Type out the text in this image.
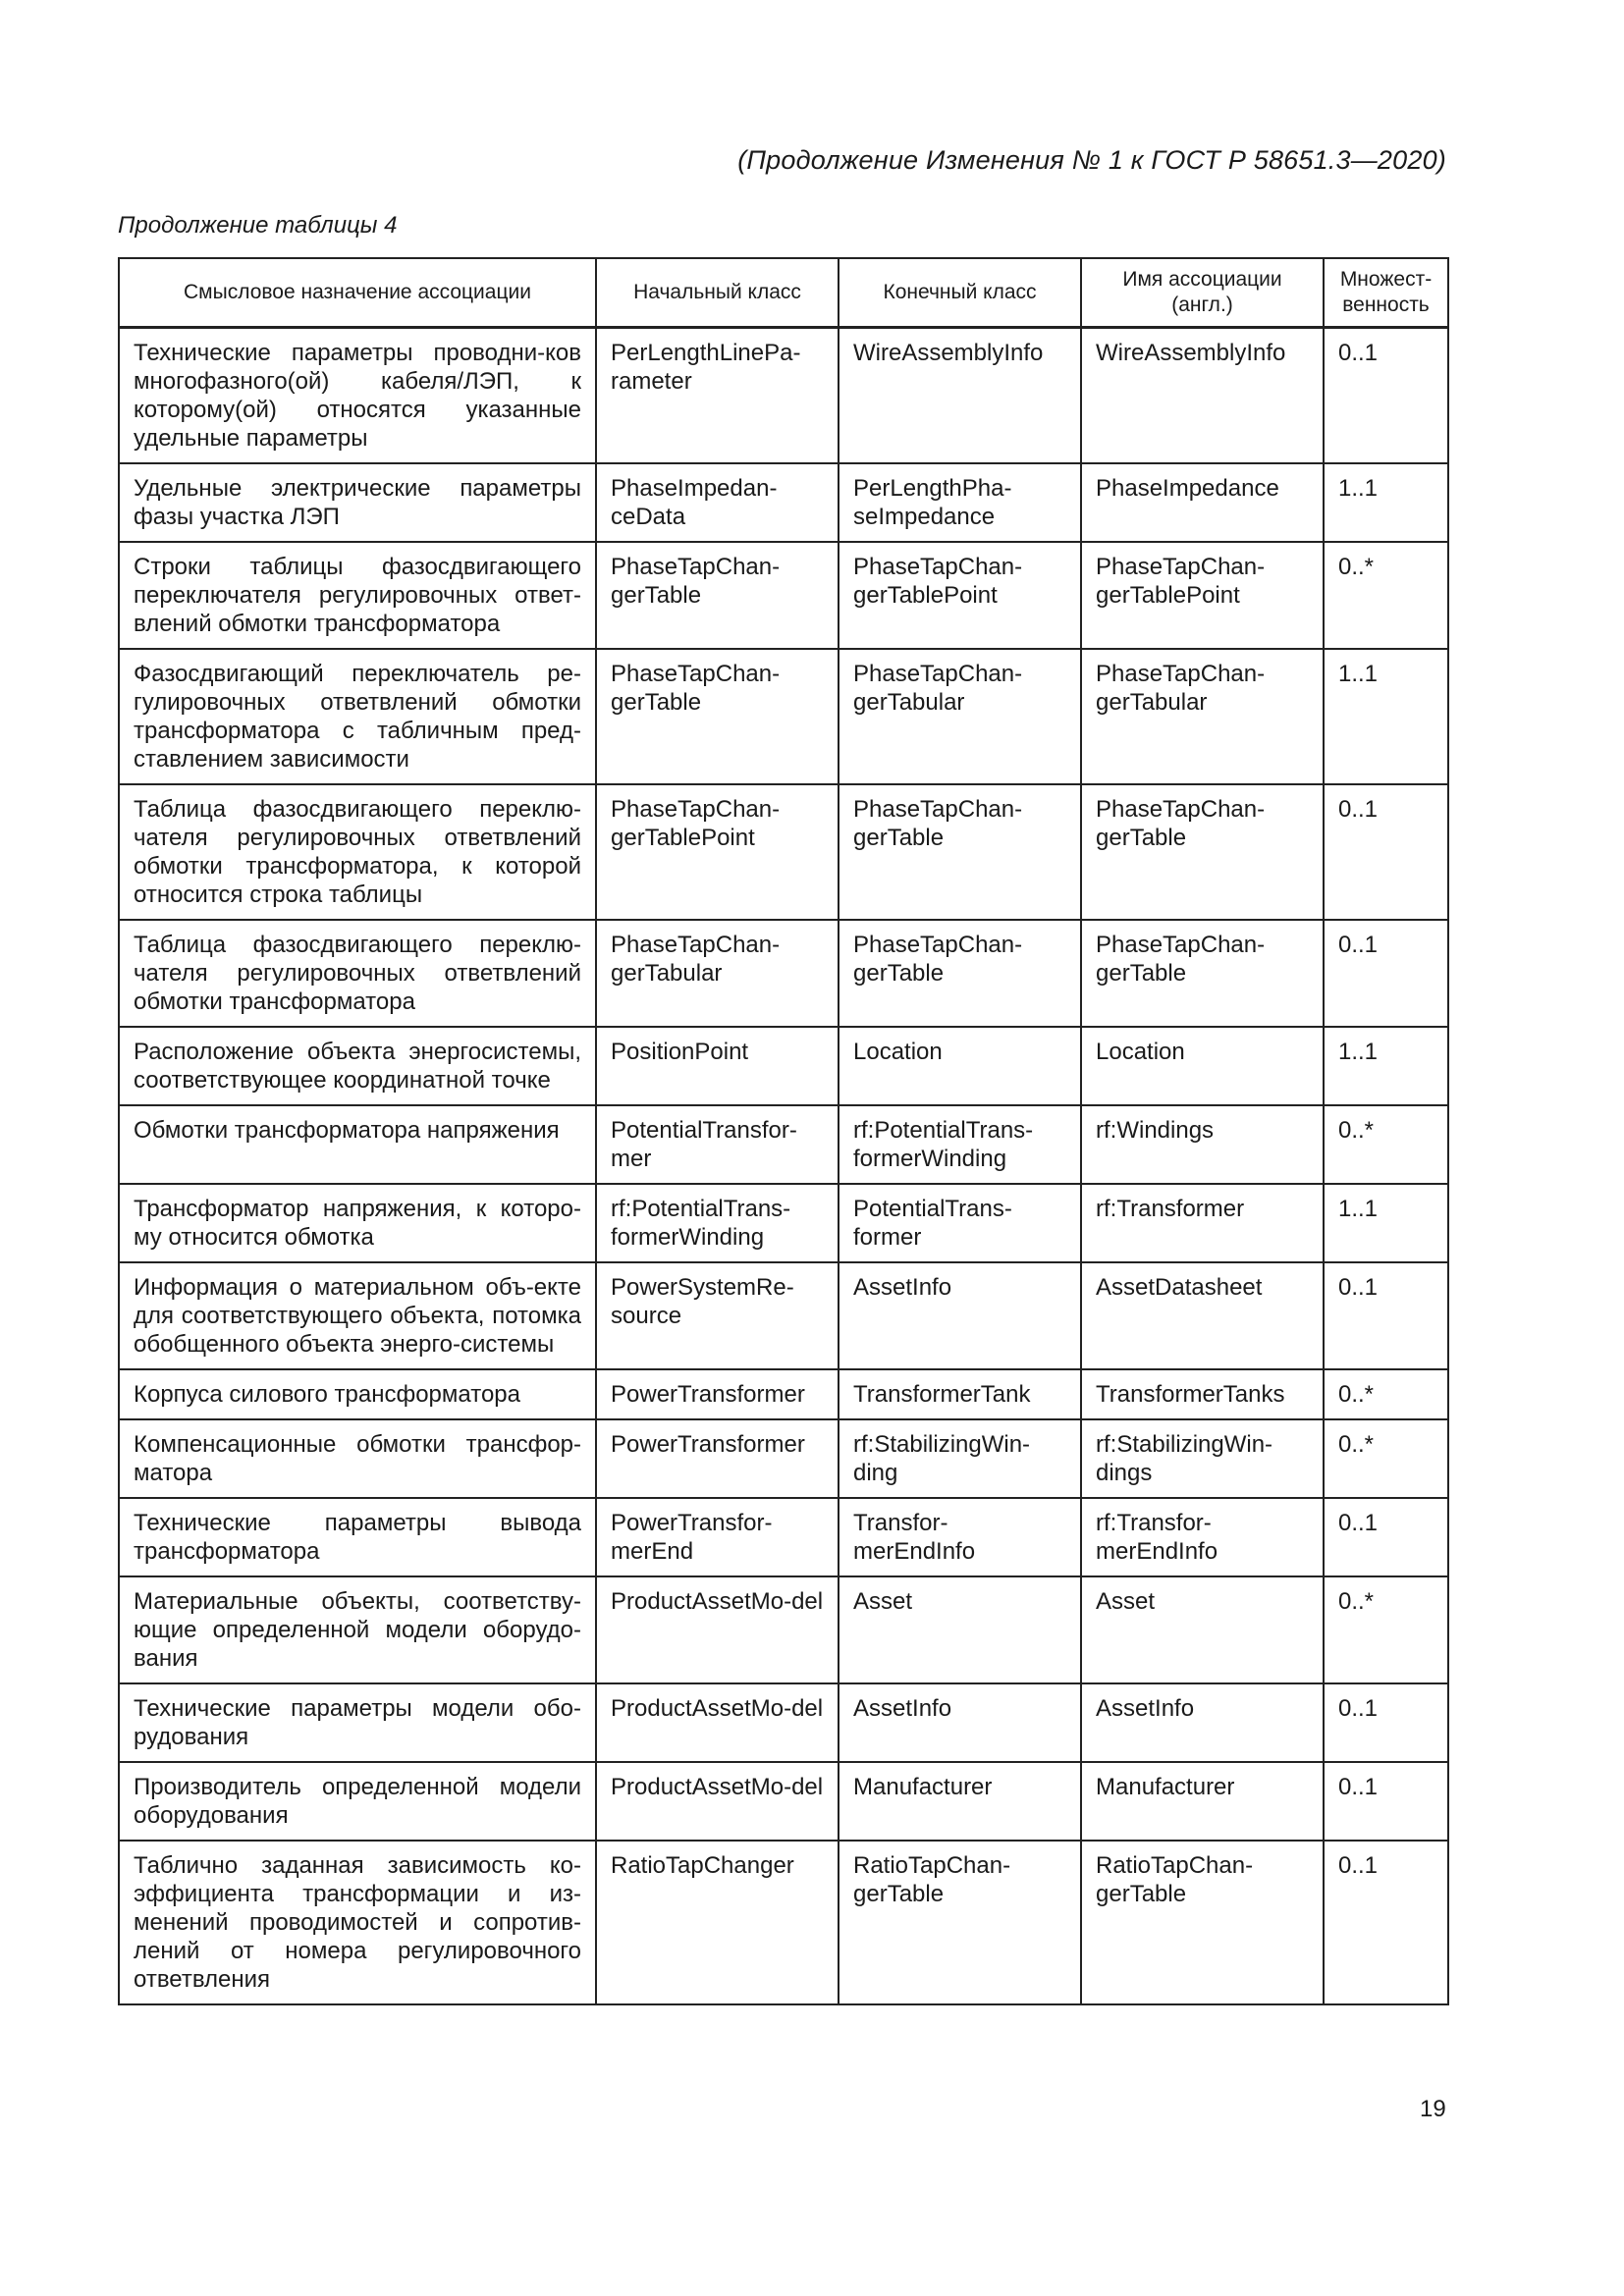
(Продолжение Изменения № 1 к ГОСТ Р 58651.3—2020)
Продолжение таблицы 4
Смысловое назначение ассоциации	Начальный класс	Конечный класс	Имя ассоциации (англ.)	Множест-венность
Технические параметры проводни-ков многофазного(ой) кабеля/ЛЭП, к которому(ой) относятся указанные удельные параметры	PerLengthLinePa-rameter	WireAssemblyInfo	WireAssemblyInfo	0..1
Удельные электрические параметры фазы участка ЛЭП	PhaseImpedan-ceData	PerLengthPha-seImpedance	PhaseImpedance	1..1
Строки таблицы фазосдвигающего переключателя регулировочных ответ-влений обмотки трансформатора	PhaseTapChan-gerTable	PhaseTapChan-gerTablePoint	PhaseTapChan-gerTablePoint	0..*
Фазосдвигающий переключатель ре-гулировочных ответвлений обмотки трансформатора с табличным пред-ставлением зависимости	PhaseTapChan-gerTable	PhaseTapChan-gerTabular	PhaseTapChan-gerTabular	1..1
Таблица фазосдвигающего переклю-чателя регулировочных ответвлений обмотки трансформатора, к которой относится строка таблицы	PhaseTapChan-gerTablePoint	PhaseTapChan-gerTable	PhaseTapChan-gerTable	0..1
Таблица фазосдвигающего переклю-чателя регулировочных ответвлений обмотки трансформатора	PhaseTapChan-gerTabular	PhaseTapChan-gerTable	PhaseTapChan-gerTable	0..1
Расположение объекта энергосистемы, соответствующее координатной точке	PositionPoint	Location	Location	1..1
Обмотки трансформатора напряжения	PotentialTransfor-mer	rf:PotentialTrans-formerWinding	rf:Windings	0..*
Трансформатор напряжения, к которо-му относится обмотка	rf:PotentialTrans-formerWinding	PotentialTrans-former	rf:Transformer	1..1
Информация о материальном объ-екте для соответствующего объекта, потомка обобщенного объекта энерго-системы	PowerSystemRe-source	AssetInfo	AssetDatasheet	0..1
Корпуса силового трансформатора	PowerTransformer	TransformerTank	TransformerTanks	0..*
Компенсационные обмотки трансфор-матора	PowerTransformer	rf:StabilizingWin-ding	rf:StabilizingWin-dings	0..*
Технические параметры вывода трансформатора	PowerTransfor-merEnd	Transfor-merEndInfo	rf:Transfor-merEndInfo	0..1
Материальные объекты, соответству-ющие определенной модели оборудо-вания	ProductAssetMo-del	Asset	Asset	0..*
Технические параметры модели обо-рудования	ProductAssetMo-del	AssetInfo	AssetInfo	0..1
Производитель определенной модели оборудования	ProductAssetMo-del	Manufacturer	Manufacturer	0..1
Таблично заданная зависимость ко-эффициента трансформации и из-менений проводимостей и сопротив-лений от номера регулировочного ответвления	RatioTapChanger	RatioTapChan-gerTable	RatioTapChan-gerTable	0..1
19
